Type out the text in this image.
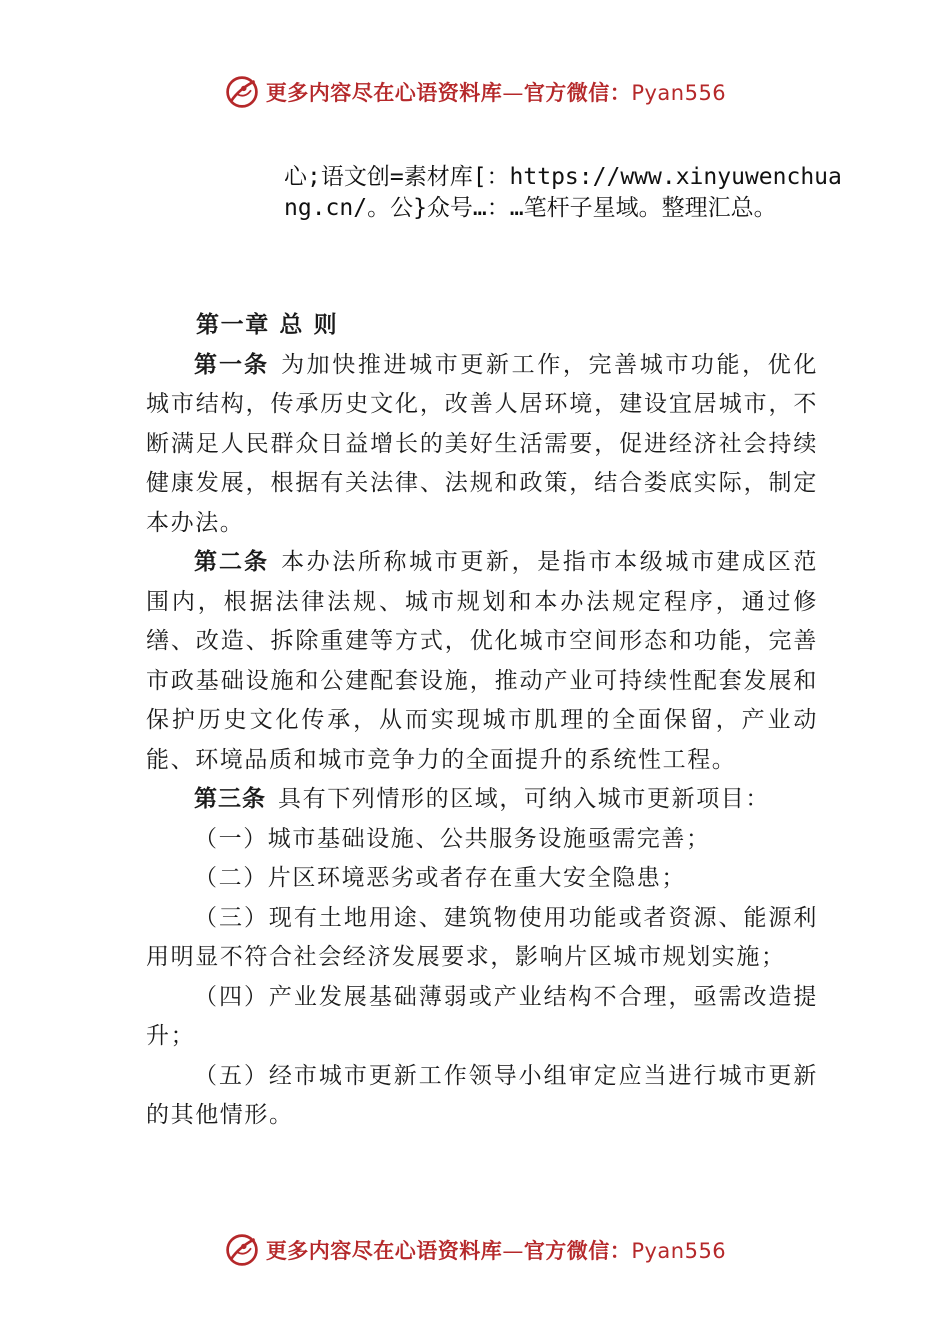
更多内容尽在心语资料库—官方微信：Pyan556
心;语文创=素材库[：https://www.xinyuwenchuang.cn/。公}众号…：…笔杆子星域。整理汇总。

第一章 总 则

第一条 为加快推进城市更新工作，完善城市功能，优化城市结构，传承历史文化，改善人居环境，建设宜居城市，不断满足人民群众日益增长的美好生活需要，促进经济社会持续健康发展，根据有关法律、法规和政策，结合娄底实际，制定本办法。

第二条 本办法所称城市更新，是指市本级城市建成区范围内，根据法律法规、城市规划和本办法规定程序，通过修缮、改造、拆除重建等方式，优化城市空间形态和功能，完善市政基础设施和公建配套设施，推动产业可持续性配套发展和保护历史文化传承，从而实现城市肌理的全面保留，产业动能、环境品质和城市竞争力的全面提升的系统性工程。

第三条 具有下列情形的区域，可纳入城市更新项目：

（一）城市基础设施、公共服务设施亟需完善；

（二）片区环境恶劣或者存在重大安全隐患；

（三）现有土地用途、建筑物使用功能或者资源、能源利用明显不符合社会经济发展要求，影响片区城市规划实施；

（四）产业发展基础薄弱或产业结构不合理，亟需改造提升；

（五）经市城市更新工作领导小组审定应当进行城市更新的其他情形。

更多内容尽在心语资料库—官方微信：Pyan556
